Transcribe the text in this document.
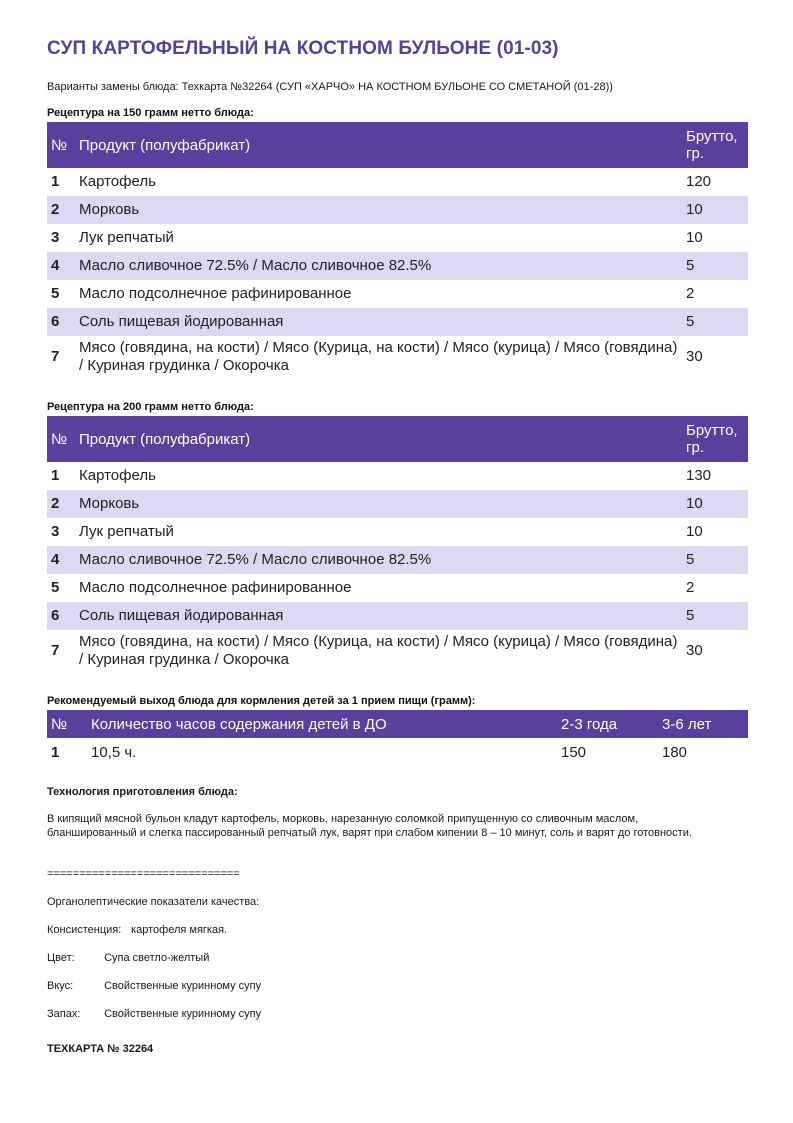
СУП КАРТОФЕЛЬНЫЙ НА КОСТНОМ БУЛЬОНЕ (01-03)
Варианты замены блюда: Техкарта №32264 (СУП «ХАРЧО» НА КОСТНОМ БУЛЬОНЕ СО СМЕТАНОЙ (01-28))
Рецептура на 150 грамм нетто блюда:
№	Продукт (полуфабрикат)	Брутто, гр.
1	Картофель	120
2	Морковь	10
3	Лук репчатый	10
4	Масло сливочное 72.5% / Масло сливочное 82.5%	5
5	Масло подсолнечное рафинированное	2
6	Соль пищевая йодированная	5
7	Мясо (говядина, на кости) / Мясо (Курица, на кости) / Мясо (курица) / Мясо (говядина) / Куриная грудинка / Окорочка	30
Рецептура на 200 грамм нетто блюда:
№	Продукт (полуфабрикат)	Брутто, гр.
1	Картофель	130
2	Морковь	10
3	Лук репчатый	10
4	Масло сливочное 72.5% / Масло сливочное 82.5%	5
5	Масло подсолнечное рафинированное	2
6	Соль пищевая йодированная	5
7	Мясо (говядина, на кости) / Мясо (Курица, на кости) / Мясо (курица) / Мясо (говядина) / Куриная грудинка / Окорочка	30
Рекомендуемый выход блюда для кормления детей за 1 прием пищи (грамм):
№	Количество часов содержания детей в ДО	2-3 года	3-6 лет
1	10,5 ч.	150	180
Технология приготовления блюда:
В кипящий мясной бульон кладут картофель, морковь, нарезанную соломкой припущенную со сливочным маслом, бланшированный и слегка пассированный репчатый лук, варят при слабом кипении 8 – 10 минут, соль и варят до готовности.
==============================
Органолептические показатели качества:
Консистенция: картофеля мягкая.
Цвет:	Супа светло-желтый
Вкус:	Свойственные куринному супу
Запах: Свойственные куринному супу
ТЕХКАРТА № 32264
